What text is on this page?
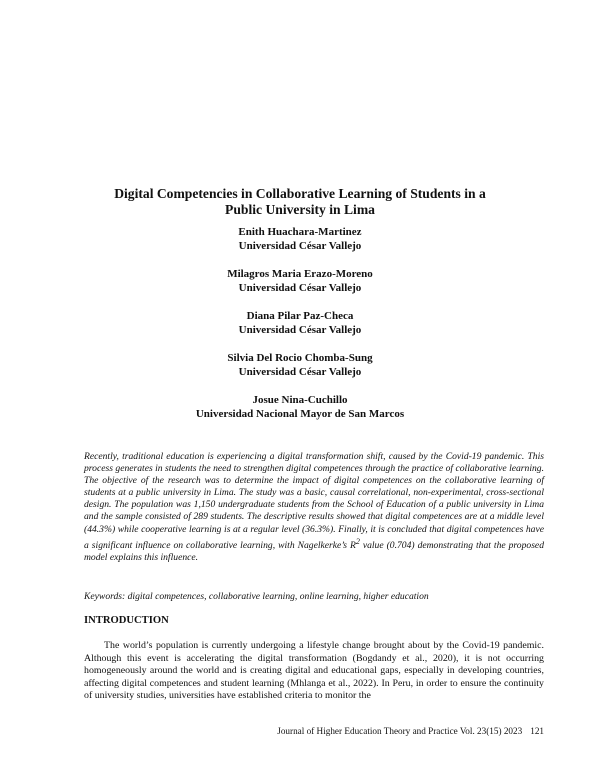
Digital Competencies in Collaborative Learning of Students in a
Public University in Lima
Enith Huachara-Martinez
Universidad César Vallejo
Milagros Maria Erazo-Moreno
Universidad César Vallejo
Diana Pilar Paz-Checa
Universidad César Vallejo
Silvia Del Rocio Chomba-Sung
Universidad César Vallejo
Josue Nina-Cuchillo
Universidad Nacional Mayor de San Marcos

Recently, traditional education is experiencing a digital transformation shift, caused by the Covid-19 pandemic. This process generates in students the need to strengthen digital competences through the practice of collaborative learning. The objective of the research was to determine the impact of digital competences on the collaborative learning of students at a public university in Lima. The study was a basic, causal correlational, non-experimental, cross-sectional design. The population was 1,150 undergraduate students from the School of Education of a public university in Lima and the sample consisted of 289 students. The descriptive results showed that digital competences are at a middle level (44.3%) while cooperative learning is at a regular level (36.3%). Finally, it is concluded that digital competences have a significant influence on collaborative learning, with Nagelkerke’s $R^2$ value (0.704) demonstrating that the proposed model explains this influence.

Keywords: digital competences, collaborative learning, online learning, higher education

INTRODUCTION

The world’s population is currently undergoing a lifestyle change brought about by the Covid-19 pandemic. Although this event is accelerating the digital transformation (Bogdandy et al., 2020), it is not occurring homogeneously around the world and is creating digital and educational gaps, especially in developing countries, affecting digital competences and student learning (Mhlanga et al., 2022). In Peru, in order to ensure the continuity of university studies, universities have established criteria to monitor the

Journal of Higher Education Theory and Practice Vol. 23(15) 2023 121
